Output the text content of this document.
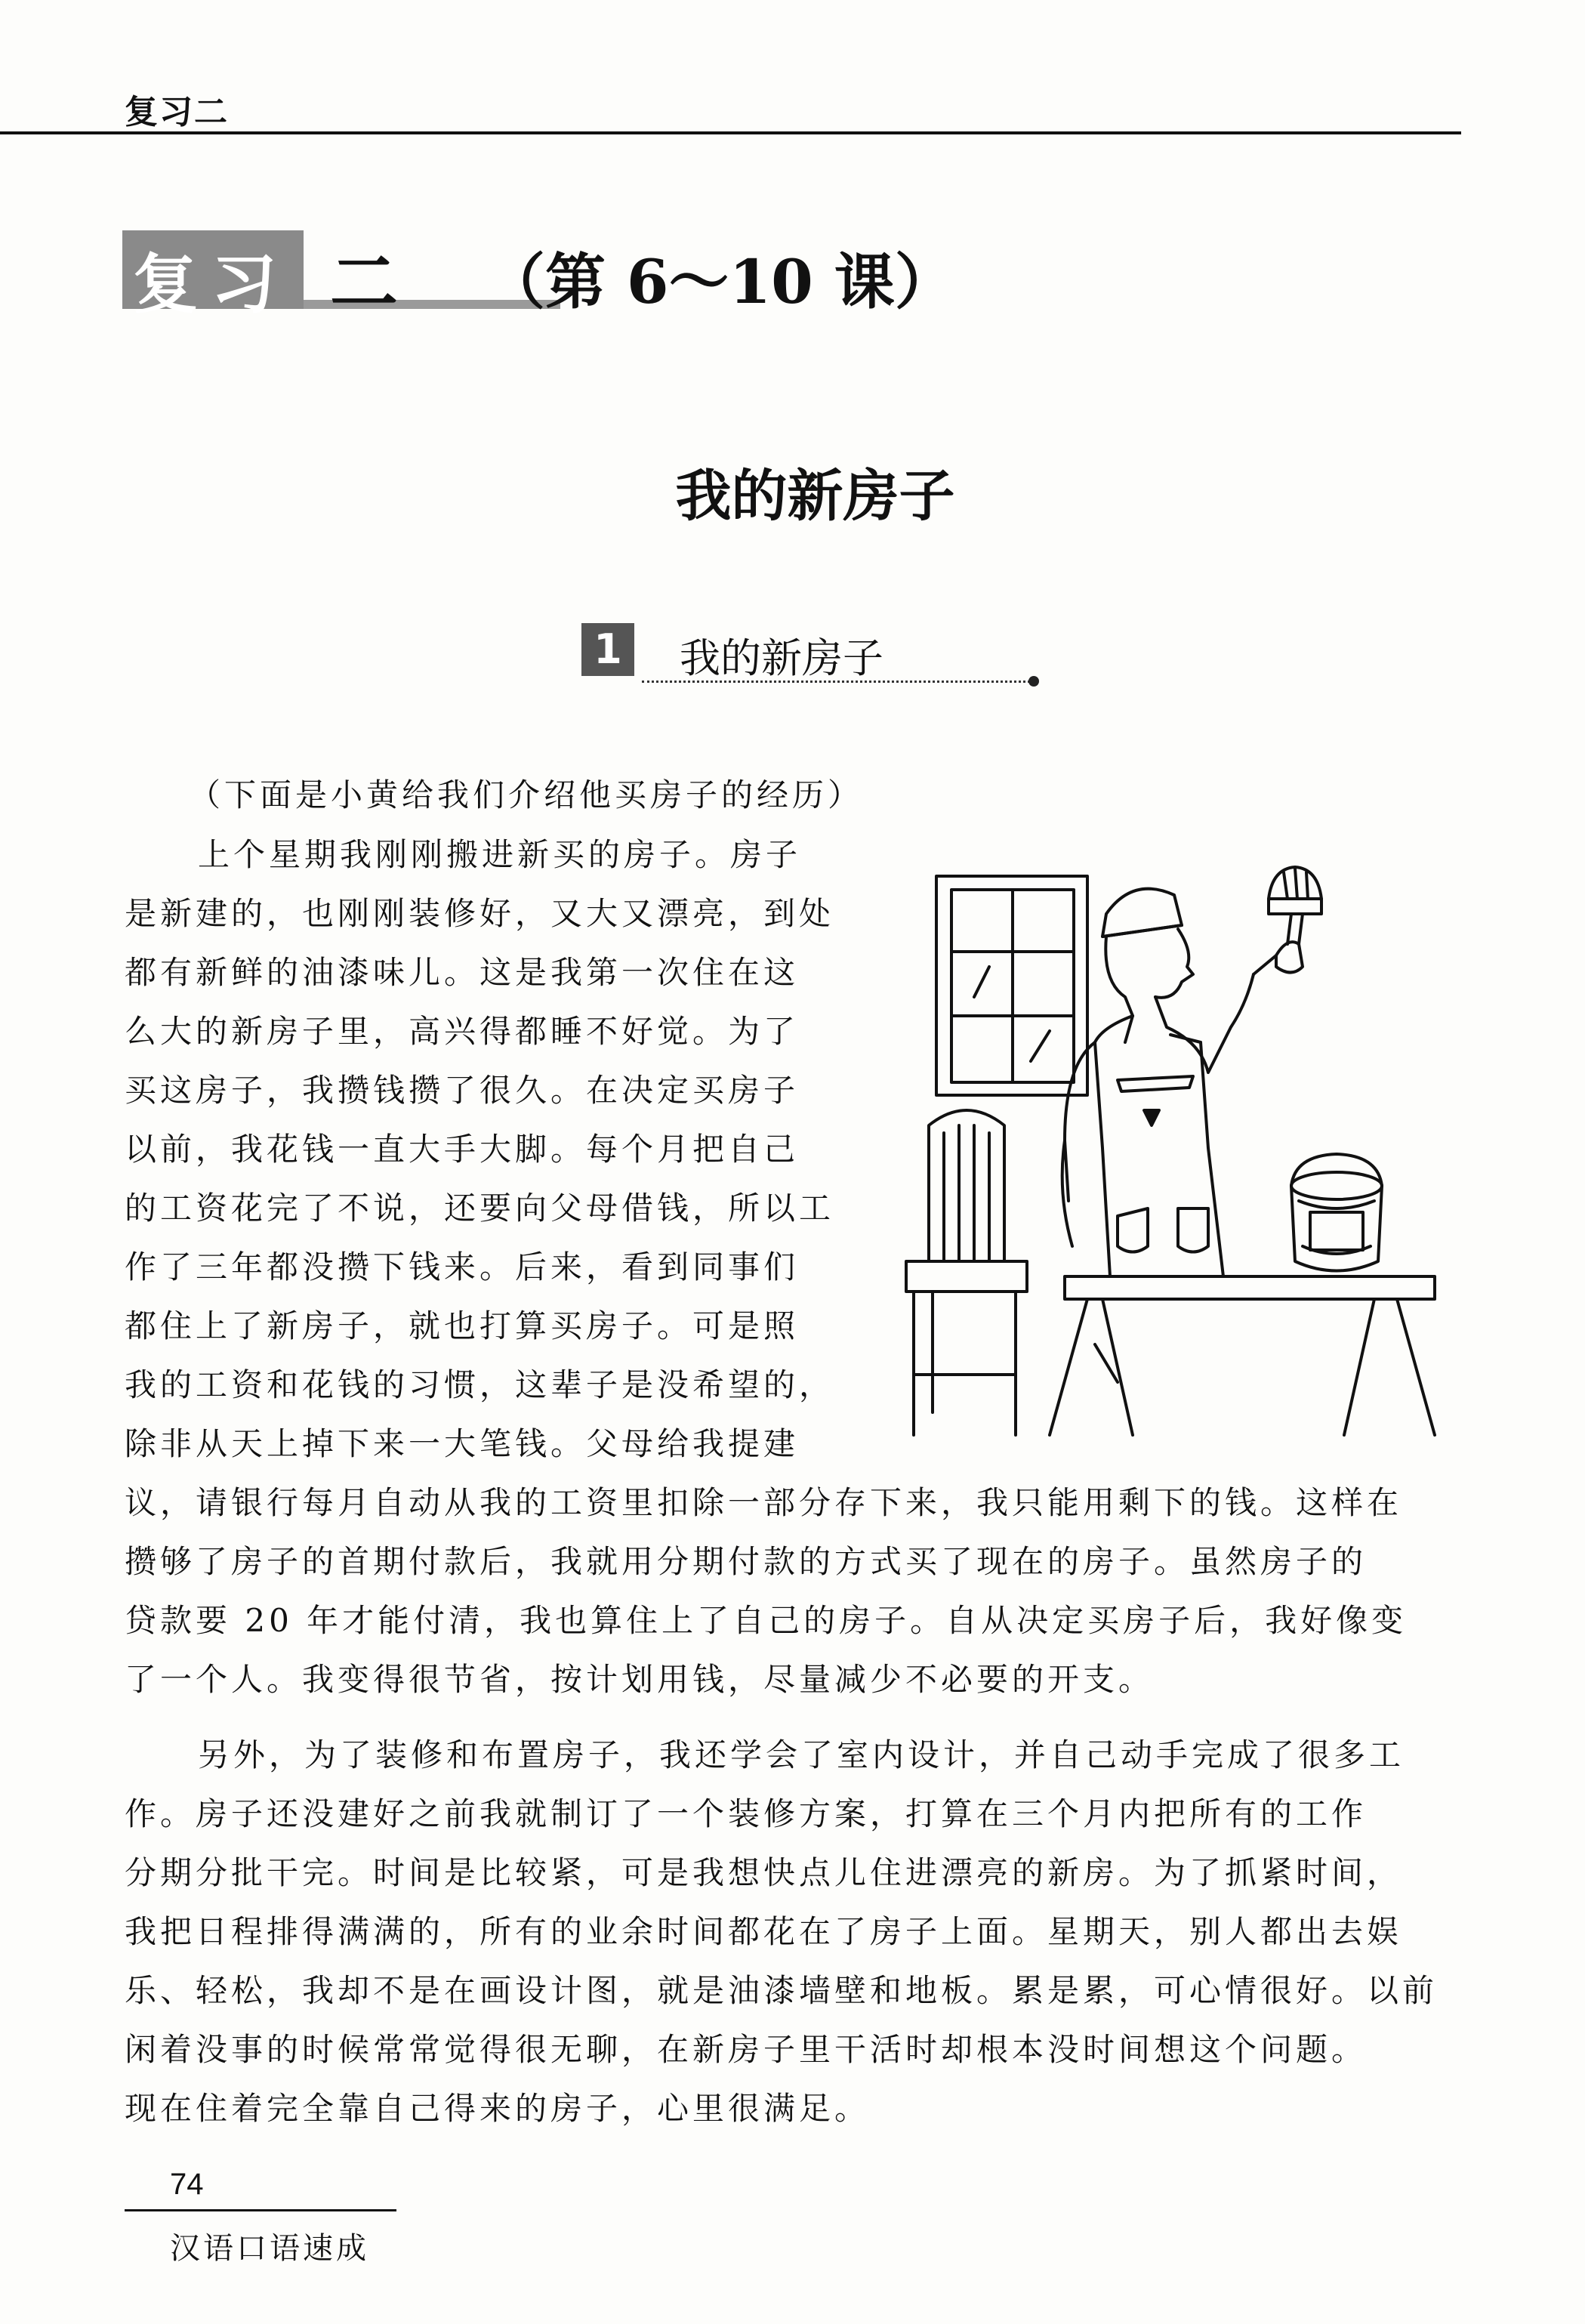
复习二
复习 二 （第 6～10 课）
我的新房子
1	我的新房子
（下面是小黄给我们介绍他买房子的经历）
上个星期我刚刚搬进新买的房子。房子
是新建的，也刚刚装修好，又大又漂亮，到处
都有新鲜的油漆味儿。这是我第一次住在这
么大的新房子里，高兴得都睡不好觉。为了
买这房子，我攒钱攒了很久。在决定买房子
以前，我花钱一直大手大脚。每个月把自己
的工资花完了不说，还要向父母借钱，所以工
作了三年都没攒下钱来。后来，看到同事们
都住上了新房子，就也打算买房子。可是照
我的工资和花钱的习惯，这辈子是没希望的，
除非从天上掉下来一大笔钱。父母给我提建
议，请银行每月自动从我的工资里扣除一部分存下来，我只能用剩下的钱。这样在
攒够了房子的首期付款后，我就用分期付款的方式买了现在的房子。虽然房子的
贷款要 20 年才能付清，我也算住上了自己的房子。自从决定买房子后，我好像变
了一个人。我变得很节省，按计划用钱，尽量减少不必要的开支。
另外，为了装修和布置房子，我还学会了室内设计，并自己动手完成了很多工
作。房子还没建好之前我就制订了一个装修方案，打算在三个月内把所有的工作
分期分批干完。时间是比较紧，可是我想快点儿住进漂亮的新房。为了抓紧时间，
我把日程排得满满的，所有的业余时间都花在了房子上面。星期天，别人都出去娱
乐、轻松，我却不是在画设计图，就是油漆墙壁和地板。累是累，可心情很好。以前
闲着没事的时候常常觉得很无聊，在新房子里干活时却根本没时间想这个问题。
现在住着完全靠自己得来的房子，心里很满足。
74
汉语口语速成
